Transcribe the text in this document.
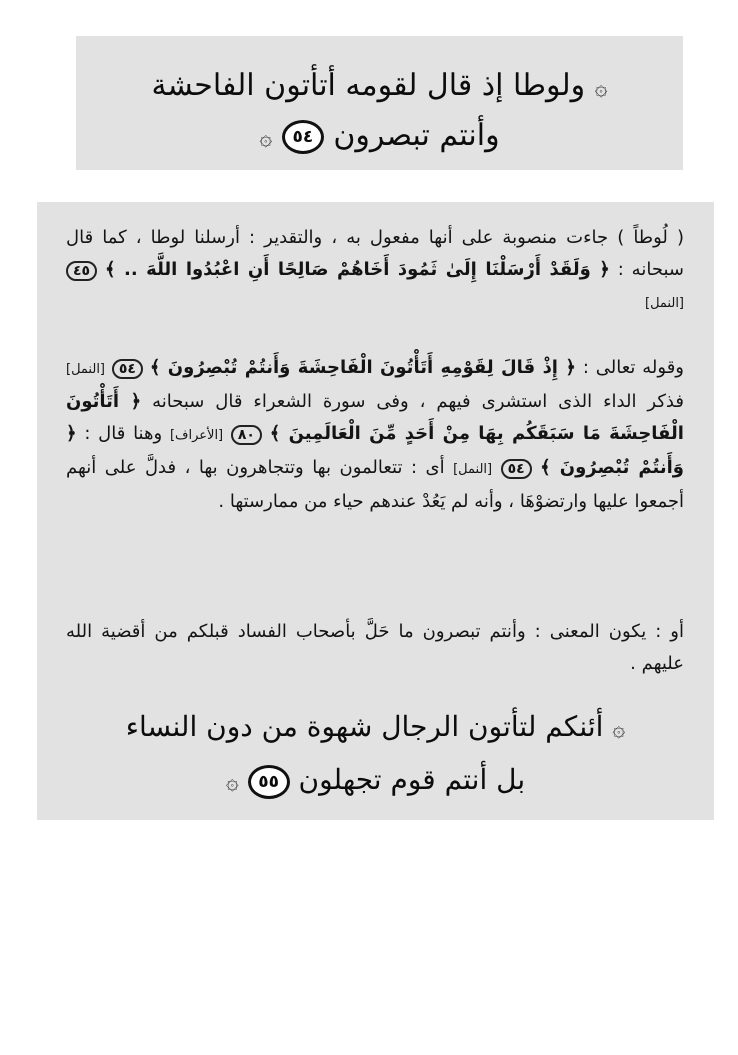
۞ ولوطا إذ قال لقومه أتأتون الفاحشة
وأنتم تبصرون ٥٤ ۞
( لُوطاً ) جاءت منصوبة على أنها مفعول به ، والتقدير : أرسلنا لوطا ، كما قال سبحانه : ﴿ وَلَقَدْ أَرْسَلْنَا إِلَىٰ ثَمُودَ أَخَاهُمْ صَالِحًا أَنِ اعْبُدُوا اللَّهَ .. ﴾ ٤٥ [النمل]
وقوله تعالى : ﴿ إِذْ قَالَ لِقَوْمِهِ أَتَأْتُونَ الْفَاحِشَةَ وَأَنتُمْ تُبْصِرُونَ ﴾ ٥٤ [النمل] فذكر الداء الذى استشرى فيهم ، وفى سورة الشعراء قال سبحانه ﴿ أَتَأْتُونَ الْفَاحِشَةَ مَا سَبَقَكُم بِهَا مِنْ أَحَدٍ مِّنَ الْعَالَمِينَ ﴾ ٨٠ [الأعراف] وهنا قال : ﴿ وَأَنتُمْ تُبْصِرُونَ ﴾ ٥٤ [النمل] أى : تتعالمون بها وتتجاهرون بها ، فدلَّ على أنهم أجمعوا عليها وارتضوْهَا ، وأنه لم يَعُدْ عندهم حياء من ممارستها .
أو : يكون المعنى : وأنتم تبصرون ما حَلَّ بأصحاب الفساد قبلكم من أقضية الله عليهم .
۞ أئنكم لتأتون الرجال شهوة من دون النساء
بل أنتم قوم تجهلون ٥٥ ۞
